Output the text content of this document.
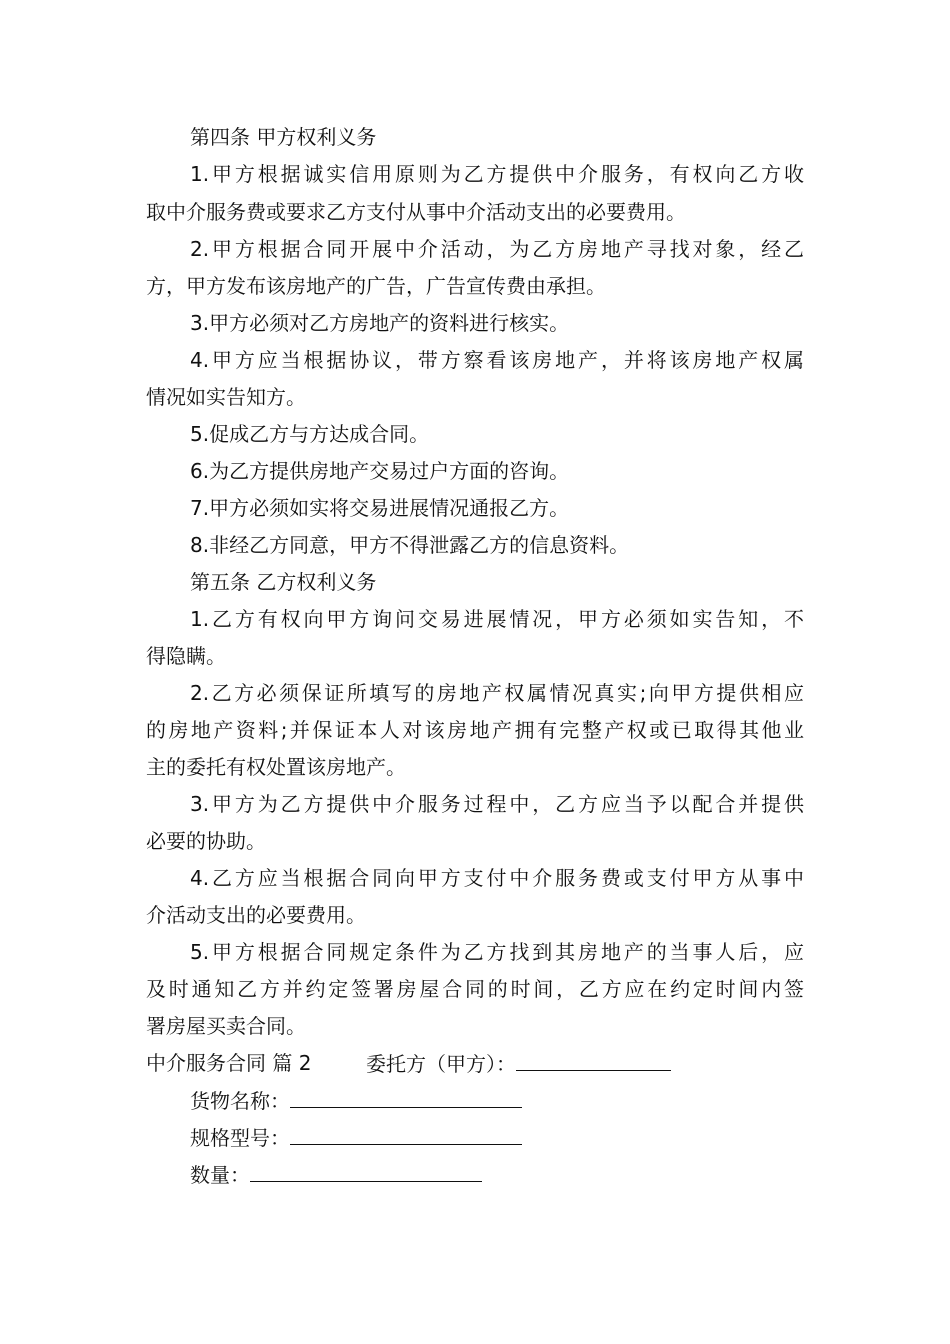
第四条 甲方权利义务
1.甲方根据诚实信用原则为乙方提供中介服务，有权向乙方收
取中介服务费或要求乙方支付从事中介活动支出的必要费用。
2.甲方根据合同开展中介活动，为乙方房地产寻找对象，经乙
方，甲方发布该房地产的广告，广告宣传费由承担。
3.甲方必须对乙方房地产的资料进行核实。
4.甲方应当根据协议，带方察看该房地产，并将该房地产权属
情况如实告知方。
5.促成乙方与方达成合同。
6.为乙方提供房地产交易过户方面的咨询。
7.甲方必须如实将交易进展情况通报乙方。
8.非经乙方同意，甲方不得泄露乙方的信息资料。
第五条 乙方权利义务
1.乙方有权向甲方询问交易进展情况，甲方必须如实告知，不
得隐瞒。
2.乙方必须保证所填写的房地产权属情况真实;向甲方提供相应
的房地产资料;并保证本人对该房地产拥有完整产权或已取得其他业
主的委托有权处置该房地产。
3.甲方为乙方提供中介服务过程中，乙方应当予以配合并提供
必要的协助。
4.乙方应当根据合同向甲方支付中介服务费或支付甲方从事中
介活动支出的必要费用。
5.甲方根据合同规定条件为乙方找到其房地产的当事人后，应
及时通知乙方并约定签署房屋合同的时间，乙方应在约定时间内签
署房屋买卖合同。
中介服务合同 篇 2	委托方（甲方）：
货物名称：
规格型号：
数量：
